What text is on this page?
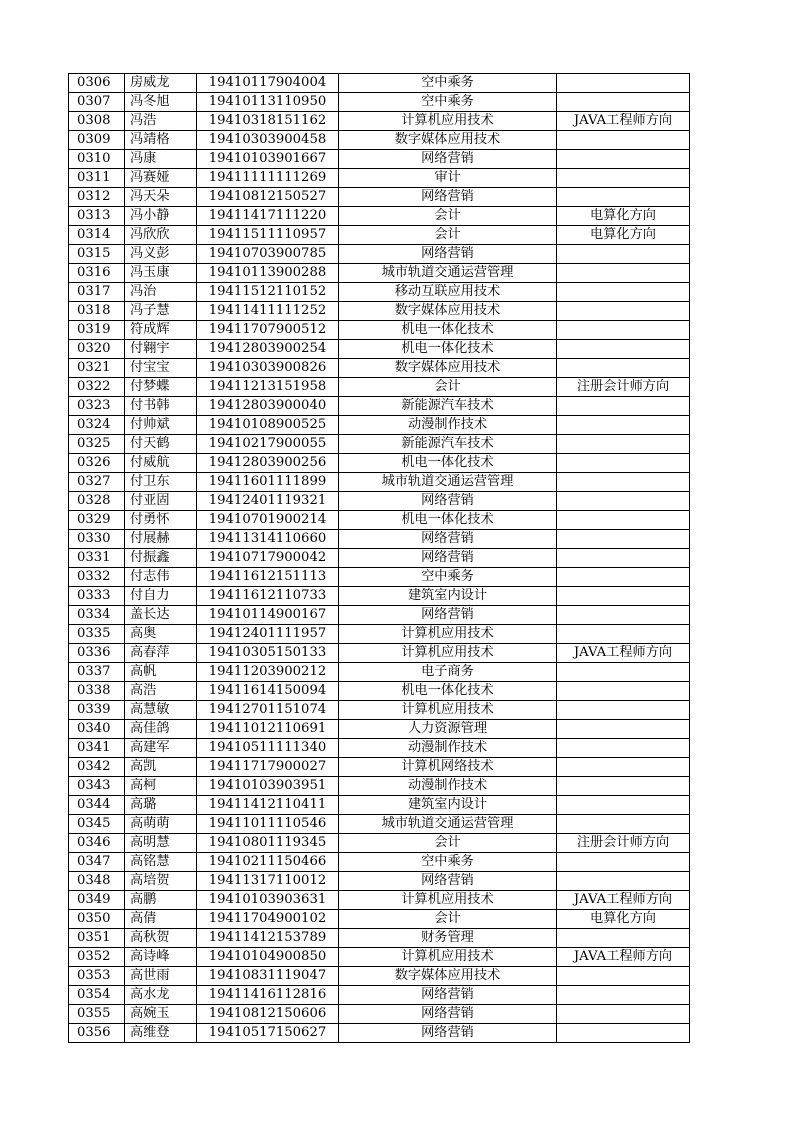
0306	房威龙	19410117904004	空中乘务	
0307	冯冬旭	19410113110950	空中乘务	
0308	冯浩	19410318151162	计算机应用技术	JAVA工程师方向
0309	冯靖格	19410303900458	数字媒体应用技术	
0310	冯康	19410103901667	网络营销	
0311	冯赛娅	19411111111269	审计	
0312	冯天朵	19410812150527	网络营销	
0313	冯小静	19411417111220	会计	电算化方向
0314	冯欣欣	19411511110957	会计	电算化方向
0315	冯义彭	19410703900785	网络营销	
0316	冯玉康	19410113900288	城市轨道交通运营管理	
0317	冯治	19411512110152	移动互联应用技术	
0318	冯子慧	19411411111252	数字媒体应用技术	
0319	符成辉	19411707900512	机电一体化技术	
0320	付翱宇	19412803900254	机电一体化技术	
0321	付宝宝	19410303900826	数字媒体应用技术	
0322	付梦蝶	19411213151958	会计	注册会计师方向
0323	付书韩	19412803900040	新能源汽车技术	
0324	付帅斌	19410108900525	动漫制作技术	
0325	付天鹤	19410217900055	新能源汽车技术	
0326	付威航	19412803900256	机电一体化技术	
0327	付卫东	19411601111899	城市轨道交通运营管理	
0328	付亚固	19412401119321	网络营销	
0329	付勇怀	19410701900214	机电一体化技术	
0330	付展赫	19411314110660	网络营销	
0331	付振鑫	19410717900042	网络营销	
0332	付志伟	19411612151113	空中乘务	
0333	付自力	19411612110733	建筑室内设计	
0334	盖长达	19410114900167	网络营销	
0335	高奥	19412401111957	计算机应用技术	
0336	高春萍	19410305150133	计算机应用技术	JAVA工程师方向
0337	高帆	19411203900212	电子商务	
0338	高浩	19411614150094	机电一体化技术	
0339	高慧敏	19412701151074	计算机应用技术	
0340	高佳鸽	19411012110691	人力资源管理	
0341	高建军	19410511111340	动漫制作技术	
0342	高凯	19411717900027	计算机网络技术	
0343	高柯	19410103903951	动漫制作技术	
0344	高璐	19411412110411	建筑室内设计	
0345	高萌萌	19411011110546	城市轨道交通运营管理	
0346	高明慧	19410801119345	会计	注册会计师方向
0347	高铭慧	19410211150466	空中乘务	
0348	高培贺	19411317110012	网络营销	
0349	高鹏	19410103903631	计算机应用技术	JAVA工程师方向
0350	高倩	19411704900102	会计	电算化方向
0351	高秋贺	19411412153789	财务管理	
0352	高诗峰	19410104900850	计算机应用技术	JAVA工程师方向
0353	高世雨	19410831119047	数字媒体应用技术	
0354	高水龙	19411416112816	网络营销	
0355	高婉玉	19410812150606	网络营销	
0356	高维登	19410517150627	网络营销	
